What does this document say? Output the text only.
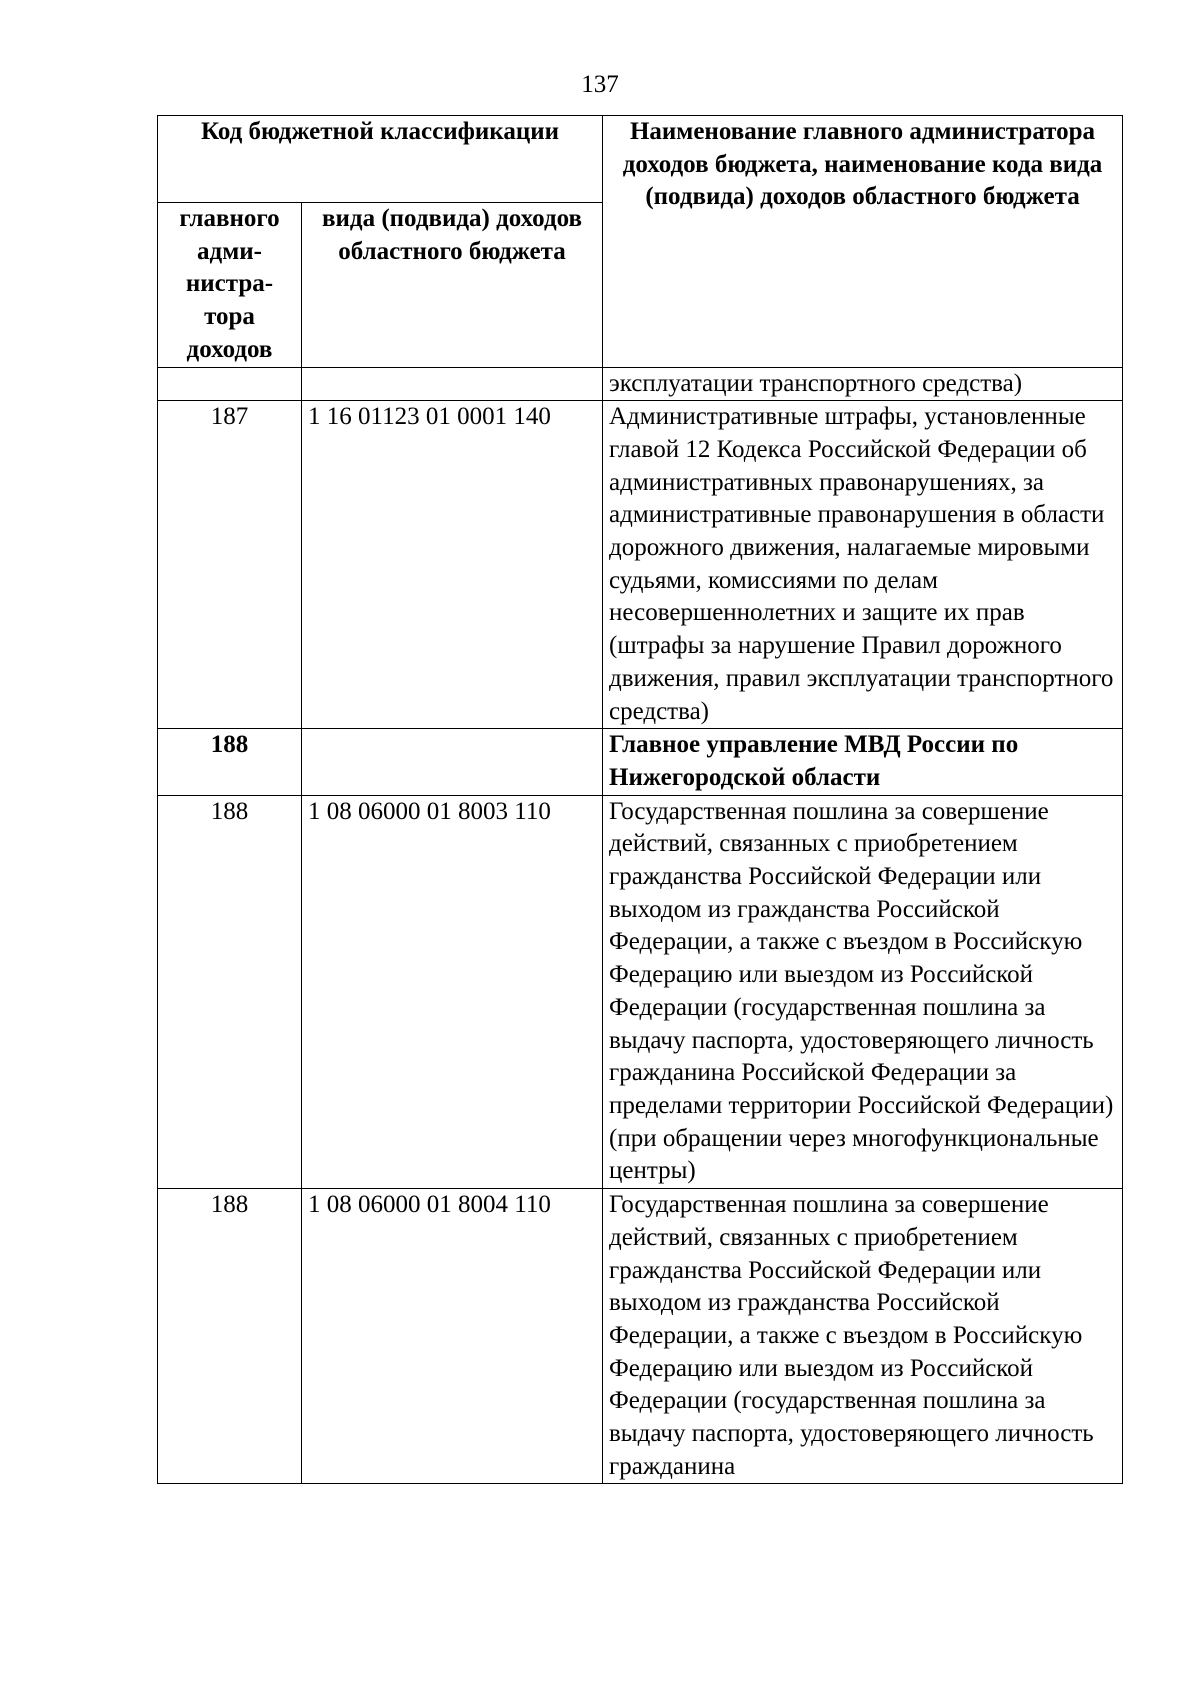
137
Код бюджетной классификации		Наименование главного администратора доходов бюджета, наименование кода вида (подвида) доходов областного бюджета
главного адми-нистра-тора доходов	вида (подвида) доходов областного бюджета	
		эксплуатации транспортного средства)
187	1 16 01123 01 0001 140	Административные штрафы, установленные главой 12 Кодекса Российской Федерации об административных правонарушениях, за административные правонарушения в области дорожного движения, налагаемые мировыми судьями, комиссиями по делам несовершеннолетних и защите их прав (штрафы за нарушение Правил дорожного движения, правил эксплуатации транспортного средства)
188		Главное управление МВД России по Нижегородской области
188	1 08 06000 01 8003 110	Государственная пошлина за совершение действий, связанных с приобретением гражданства Российской Федерации или выходом из гражданства Российской Федерации, а также с въездом в Российскую Федерацию или выездом из Российской Федерации (государственная пошлина за выдачу паспорта, удостоверяющего личность гражданина Российской Федерации за пределами территории Российской Федерации) (при обращении через многофункциональные центры)
188	1 08 06000 01 8004 110	Государственная пошлина за совершение действий, связанных с приобретением гражданства Российской Федерации или выходом из гражданства Российской Федерации, а также с въездом в Российскую Федерацию или выездом из Российской Федерации (государственная пошлина за выдачу паспорта, удостоверяющего личность гражданина
